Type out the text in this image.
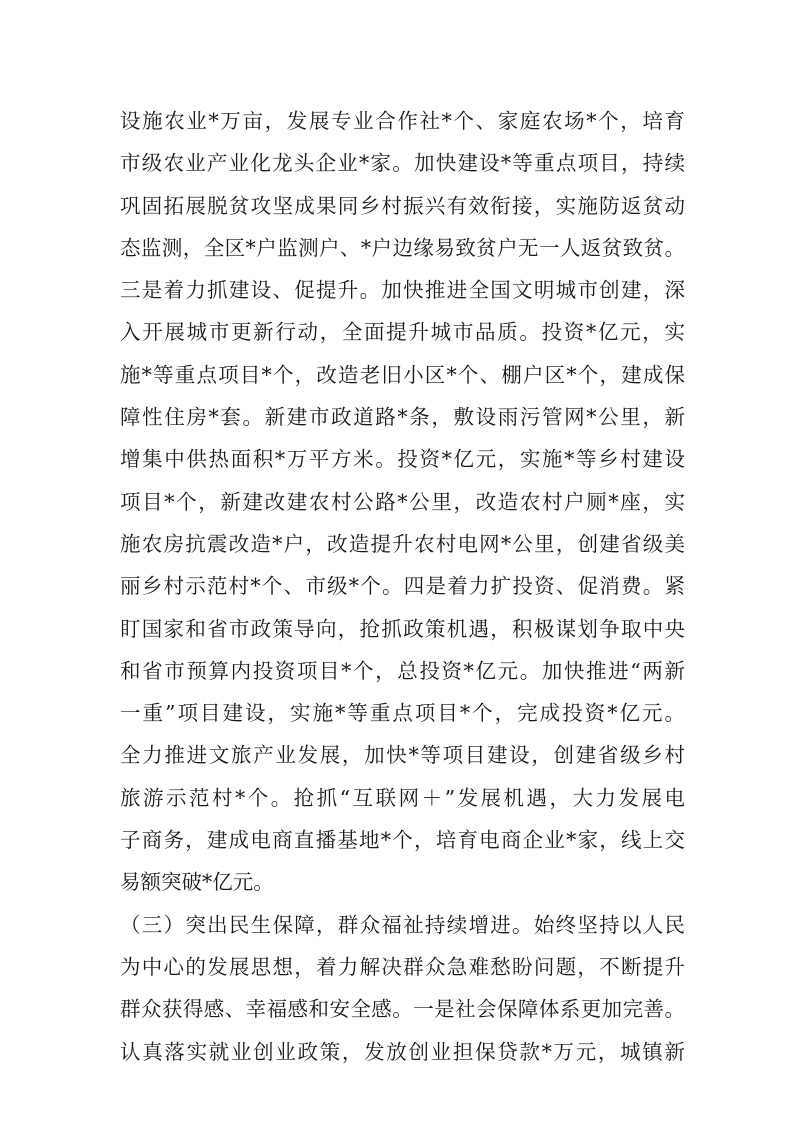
设施农业*万亩，发展专业合作社*个、家庭农场*个，培育
市级农业产业化龙头企业*家。加快建设*等重点项目，持续
巩固拓展脱贫攻坚成果同乡村振兴有效衔接，实施防返贫动
态监测，全区*户监测户、*户边缘易致贫户无一人返贫致贫。
三是着力抓建设、促提升。加快推进全国文明城市创建，深
入开展城市更新行动，全面提升城市品质。投资*亿元，实
施*等重点项目*个，改造老旧小区*个、棚户区*个，建成保
障性住房*套。新建市政道路*条，敷设雨污管网*公里，新
增集中供热面积*万平方米。投资*亿元，实施*等乡村建设
项目*个，新建改建农村公路*公里，改造农村户厕*座，实
施农房抗震改造*户，改造提升农村电网*公里，创建省级美
丽乡村示范村*个、市级*个。四是着力扩投资、促消费。紧
盯国家和省市政策导向，抢抓政策机遇，积极谋划争取中央
和省市预算内投资项目*个，总投资*亿元。加快推进“两新
一重”项目建设，实施*等重点项目*个，完成投资*亿元。
全力推进文旅产业发展，加快*等项目建设，创建省级乡村
旅游示范村*个。抢抓“互联网＋”发展机遇，大力发展电
子商务，建成电商直播基地*个，培育电商企业*家，线上交
易额突破*亿元。
（三）突出民生保障，群众福祉持续增进。始终坚持以人民
为中心的发展思想，着力解决群众急难愁盼问题，不断提升
群众获得感、幸福感和安全感。一是社会保障体系更加完善。
认真落实就业创业政策，发放创业担保贷款*万元，城镇新
